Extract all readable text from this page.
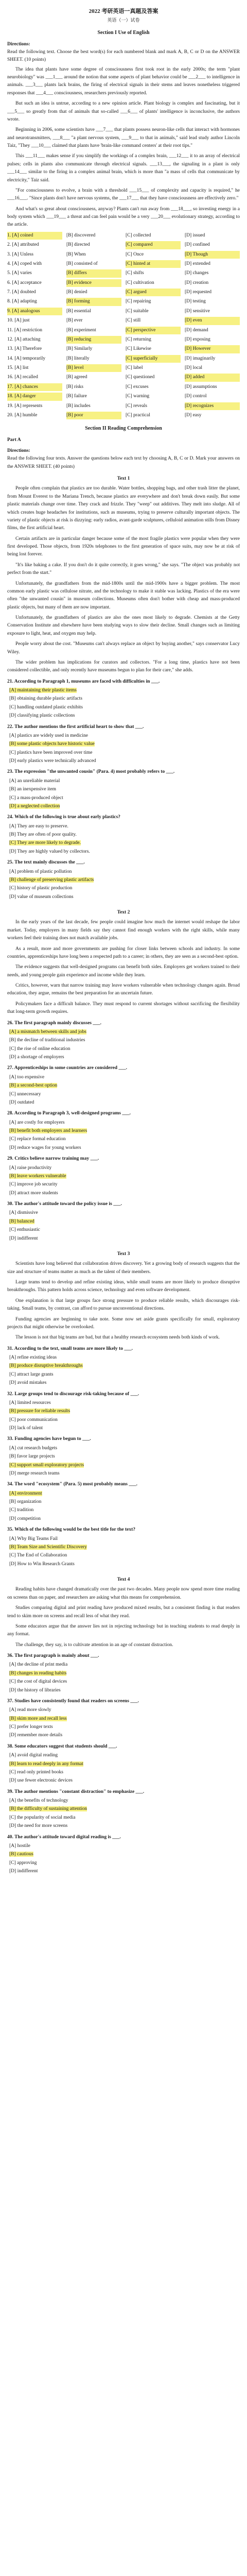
2022 考研英语一真题及答案
英语（一）试卷
Section I Use of English
Directions:
Read the following text. Choose the best word(s) for each numbered blank and mark A, B, C or D on the ANSWER SHEET. (10 points)

The idea that plants have some degree of consciousness first took root in the early 2000s; the term "plant neurobiology" was ___1___ around the notion that some aspects of plant behavior could be ___2___ to intelligence in animals. ___3___ plants lack brains, the firing of electrical signals in their stems and leaves nonetheless triggered responses that ___4___ consciousness, researchers previously reported.

But such an idea is untrue, according to a new opinion article. Plant biology is complex and fascinating, but it ___5___ so greatly from that of animals that so-called ___6___ of plants' intelligence is inconclusive, the authors wrote.

Beginning in 2006, some scientists have ___7___ that plants possess neuron-like cells that interact with hormones and neurotransmitters, ___8___ "a plant nervous system, ___9___ to that in animals," said lead study author Lincoln Taiz, "They ___10___ claimed that plants have 'brain-like command centers' at their root tips."

This ___11___ makes sense if you simplify the workings of a complex brain, ___12___ it to an array of electrical pulses; cells in plants also communicate through electrical signals. ___13___, the signaling in a plant is only ___14___ similar to the firing in a complex animal brain, which is more than "a mass of cells that communicate by electricity," Taiz said.

"For consciousness to evolve, a brain with a threshold ___15___ of complexity and capacity is required," he ___16___. "Since plants don't have nervous systems, the ___17___ that they have consciousness are effectively zero."

And what's so great about consciousness, anyway? Plants can't run away from ___18___, so investing energy in a body system which ___19___ a threat and can feel pain would be a very ___20___ evolutionary strategy, according to the article.

1. [A] coined	[B] discovered	[C] collected	[D] issued
2. [A] attributed	[B] directed	[C] compared	[D] confined
3. [A] Unless	[B] When	[C] Once	[D] Though
4. [A] coped with	[B] consisted of	[C] hinted at	[D] extended
5. [A] varies	[B] differs	[C] shifts	[D] changes
6. [A] acceptance	[B] evidence	[C] cultivation	[D] creation
7. [A] doubted	[B] denied	[C] argued	[D] requested
8. [A] adapting	[B] forming	[C] repairing	[D] testing
9. [A] analogous	[B] essential	[C] suitable	[D] sensitive
10. [A] just	[B] ever	[C] still	[D] even
11. [A] restriction	[B] experiment	[C] perspective	[D] demand
12. [A] attaching	[B] reducing	[C] returning	[D] exposing
13. [A] Therefore	[B] Similarly	[C] Likewise	[D] However
14. [A] temporarily	[B] literally	[C] superficially	[D] imaginarily
15. [A] list	[B] level	[C] label	[D] local
16. [A] recalled	[B] agreed	[C] questioned	[D] added
17. [A] chances	[B] risks	[C] excuses	[D] assumptions
18. [A] danger	[B] failure	[C] warning	[D] control
19. [A] represents	[B] includes	[C] reveals	[D] recognizes
20. [A] humble	[B] poor	[C] practical	[D] easy
Section II Reading Comprehension
Part A
Directions:
Read the following four texts. Answer the questions below each text by choosing A, B, C or D. Mark your answers on the ANSWER SHEET. (40 points)
Text 1

People often complain that plastics are too durable. Water bottles, shopping bags, and other trash litter the planet, from Mount Everest to the Mariana Trench, because plastics are everywhere and don't break down easily. But some plastic materials change over time. They crack and frizzle. They "weep" out additives. They melt into sludge. All of which creates huge headaches for institutions, such as museums, trying to preserve culturally important objects. The variety of plastic objects at risk is dizzying: early radios, avant-garde sculptures, celluloid animation stills from Disney films, the first artificial heart.

Certain artifacts are in particular danger because some of the most fragile plastics were popular when they were first developed. Those objects, from 1920s telephones to the first generation of space suits, may now be at risk of being lost forever.

"It's like baking a cake. If you don't do it quite correctly, it goes wrong," she says. "The object was probably not perfect from the start."

Unfortunately, the grandfathers from the mid-1800s until the mid-1900s have a bigger problem. The most common early plastic was cellulose nitrate, and the technology to make it stable was lacking. Plastics of the era were often "the unwanted cousin" in museum collections. Museums often don't bother with cheap and mass-produced plastic objects, but many of them are now important.

Unfortunately, the grandfathers of plastics are also the ones most likely to degrade. Chemists at the Getty Conservation Institute and elsewhere have been studying ways to slow their decline. Small changes such as limiting exposure to light, heat, and oxygen may help.

People worry about the cost. "Museums can't always replace an object by buying another," says conservator Lucy Wiley.

The wider problem has implications for curators and collectors. "For a long time, plastics have not been considered collectible, and only recently have museums begun to plan for their care," she adds.

21. According to Paragraph 1, museums are faced with difficulties in ___.
[A] maintaining their plastic items
[B] obtaining durable plastic artifacts
[C] handling outdated plastic exhibits
[D] classifying plastic collections
22. The author mentions the first artificial heart to show that ___.
[A] plastics are widely used in medicine
[B] some plastic objects have historic value
[C] plastics have been improved over time
[D] early plastics were technically advanced
23. The expression "the unwanted cousin" (Para. 4) most probably refers to ___.
[A] an unreliable material
[B] an inexpensive item
[C] a mass-produced object
[D] a neglected collection
24. Which of the following is true about early plastics?
[A] They are easy to preserve.
[B] They are often of poor quality.
[C] They are more likely to degrade.
[D] They are highly valued by collectors.
25. The text mainly discusses the ___.
[A] problem of plastic pollution
[B] challenge of preserving plastic artifacts
[C] history of plastic production
[D] value of museum collections
Text 2

In the early years of the last decade, few people could imagine how much the internet would reshape the labor market. Today, employers in many fields say they cannot find enough workers with the right skills, while many workers feel their training does not match available jobs.

As a result, more and more governments are pushing for closer links between schools and industry. In some countries, apprenticeships have long been a respected path to a career; in others, they are seen as a second-best option.

The evidence suggests that well-designed programs can benefit both sides. Employers get workers trained to their needs, and young people gain experience and income while they learn.

Critics, however, warn that narrow training may leave workers vulnerable when technology changes again. Broad education, they argue, remains the best preparation for an uncertain future.

Policymakers face a difficult balance. They must respond to current shortages without sacrificing the flexibility that long-term growth requires.

26. The first paragraph mainly discusses ___.
[A] a mismatch between skills and jobs
[B] the decline of traditional industries
[C] the rise of online education
[D] a shortage of employers
27. Apprenticeships in some countries are considered ___.
[A] too expensive
[B] a second-best option
[C] unnecessary
[D] outdated
28. According to Paragraph 3, well-designed programs ___.
[A] are costly for employers
[B] benefit both employers and learners
[C] replace formal education
[D] reduce wages for young workers
29. Critics believe narrow training may ___.
[A] raise productivity
[B] leave workers vulnerable
[C] improve job security
[D] attract more students
30. The author's attitude toward the policy issue is ___.
[A] dismissive
[B] balanced
[C] enthusiastic
[D] indifferent
Text 3

Scientists have long believed that collaboration drives discovery. Yet a growing body of research suggests that the size and structure of teams matter as much as the talent of their members.

Large teams tend to develop and refine existing ideas, while small teams are more likely to produce disruptive breakthroughs. This pattern holds across science, technology and even software development.

One explanation is that large groups face strong pressure to produce reliable results, which discourages risk-taking. Small teams, by contrast, can afford to pursue unconventional directions.

Funding agencies are beginning to take note. Some now set aside grants specifically for small, exploratory projects that might otherwise be overlooked.

The lesson is not that big teams are bad, but that a healthy research ecosystem needs both kinds of work.

31. According to the text, small teams are more likely to ___.
[A] refine existing ideas
[B] produce disruptive breakthroughs
[C] attract large grants
[D] avoid mistakes
32. Large groups tend to discourage risk-taking because of ___.
[A] limited resources
[B] pressure for reliable results
[C] poor communication
[D] lack of talent
33. Funding agencies have begun to ___.
[A] cut research budgets
[B] favor large projects
[C] support small exploratory projects
[D] merge research teams
34. The word "ecosystem" (Para. 5) most probably means ___.
[A] environment
[B] organization
[C] tradition
[D] competition
35. Which of the following would be the best title for the text?
[A] Why Big Teams Fail
[B] Team Size and Scientific Discovery
[C] The End of Collaboration
[D] How to Win Research Grants
Text 4

Reading habits have changed dramatically over the past two decades. Many people now spend more time reading on screens than on paper, and researchers are asking what this means for comprehension.

Studies comparing digital and print reading have produced mixed results, but a consistent finding is that readers tend to skim more on screens and recall less of what they read.

Some educators argue that the answer lies not in rejecting technology but in teaching students to read deeply in any format.

The challenge, they say, is to cultivate attention in an age of constant distraction.

36. The first paragraph is mainly about ___.
[A] the decline of print media
[B] changes in reading habits
[C] the cost of digital devices
[D] the history of libraries
37. Studies have consistently found that readers on screens ___.
[A] read more slowly
[B] skim more and recall less
[C] prefer longer texts
[D] remember more details
38. Some educators suggest that students should ___.
[A] avoid digital reading
[B] learn to read deeply in any format
[C] read only printed books
[D] use fewer electronic devices
39. The author mentions "constant distraction" to emphasize ___.
[A] the benefits of technology
[B] the difficulty of sustaining attention
[C] the popularity of social media
[D] the need for more screens
40. The author's attitude toward digital reading is ___.
[A] hostile
[B] cautious
[C] approving
[D] indifferent
